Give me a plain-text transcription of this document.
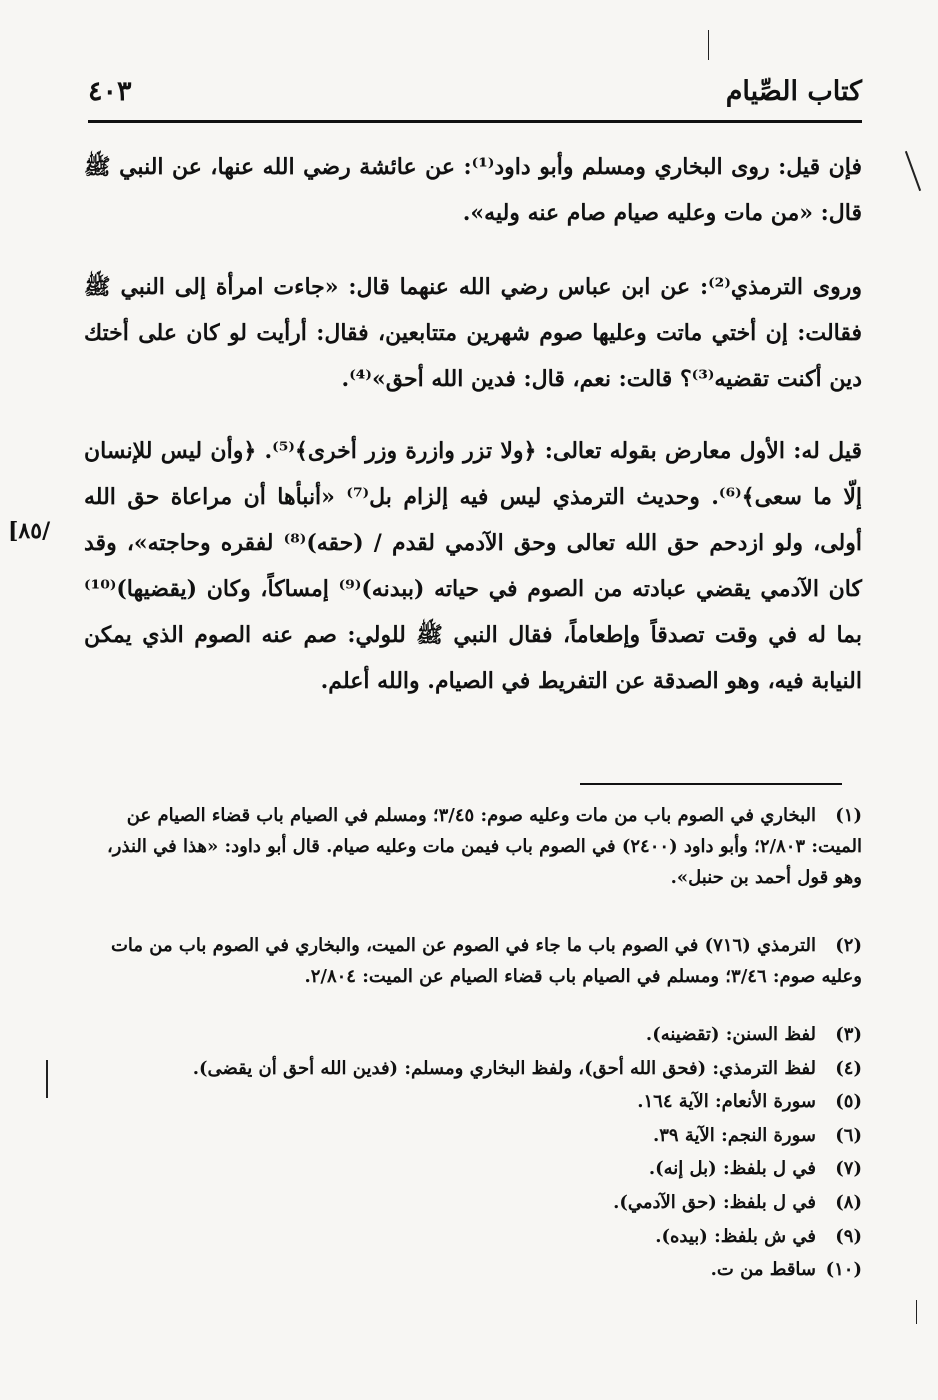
كتاب الصِّيام
٤٠٣
فإن قيل: روى البخاري ومسلم وأبو داود⁽¹⁾: عن عائشة رضي الله عنها، عن النبي ﷺ قال: «من مات وعليه صيام صام عنه وليه».
وروى الترمذي⁽²⁾: عن ابن عباس رضي الله عنهما قال: «جاءت امرأة إلى النبي ﷺ فقالت: إن أختي ماتت وعليها صوم شهرين متتابعين، فقال: أرأيت لو كان على أختك دين أكنت تقضيه⁽³⁾؟ قالت: نعم، قال: فدين الله أحق»⁽⁴⁾.
قيل له: الأول معارض بقوله تعالى: ﴿ولا تزر وازرة وزر أخرى﴾⁽⁵⁾. ﴿وأن ليس للإنسان إلّا ما سعى﴾⁽⁶⁾. وحديث الترمذي ليس فيه إلزام بل⁽⁷⁾ «أنبأها أن مراعاة حق الله أولى، ولو ازدحم حق الله تعالى وحق الآدمي لقدم / (حقه)⁽⁸⁾ لفقره وحاجته»، وقد كان الآدمي يقضي عبادته من الصوم في حياته (ببدنه)⁽⁹⁾ إمساكاً، وكان (يقضيها)⁽¹⁰⁾ بما له في وقت تصدقاً وإطعاماً، فقال النبي ﷺ للولي: صم عنه الصوم الذي يمكن النيابة فيه، وهو الصدقة عن التفريط في الصيام. والله أعلم.
[٨٥/
(١)البخاري في الصوم باب من مات وعليه صوم: ٣/٤٥؛ ومسلم في الصيام باب قضاء الصيام عن الميت: ٢/٨٠٣؛ وأبو داود (٢٤٠٠) في الصوم باب فيمن مات وعليه صيام. قال أبو داود: «هذا في النذر، وهو قول أحمد بن حنبل».
(٢)الترمذي (٧١٦) في الصوم باب ما جاء في الصوم عن الميت، والبخاري في الصوم باب من مات وعليه صوم: ٣/٤٦؛ ومسلم في الصيام باب قضاء الصيام عن الميت: ٢/٨٠٤.
(٣)لفظ السنن: (تقضينه).
(٤)لفظ الترمذي: (فحق الله أحق)، ولفظ البخاري ومسلم: (فدين الله أحق أن يقضى).
(٥)سورة الأنعام: الآية ١٦٤.
(٦)سورة النجم: الآية ٣٩.
(٧)في ل بلفظ: (بل إنه).
(٨)في ل بلفظ: (حق الآدمي).
(٩)في ش بلفظ: (بيده).
(١٠)ساقط من ت.
